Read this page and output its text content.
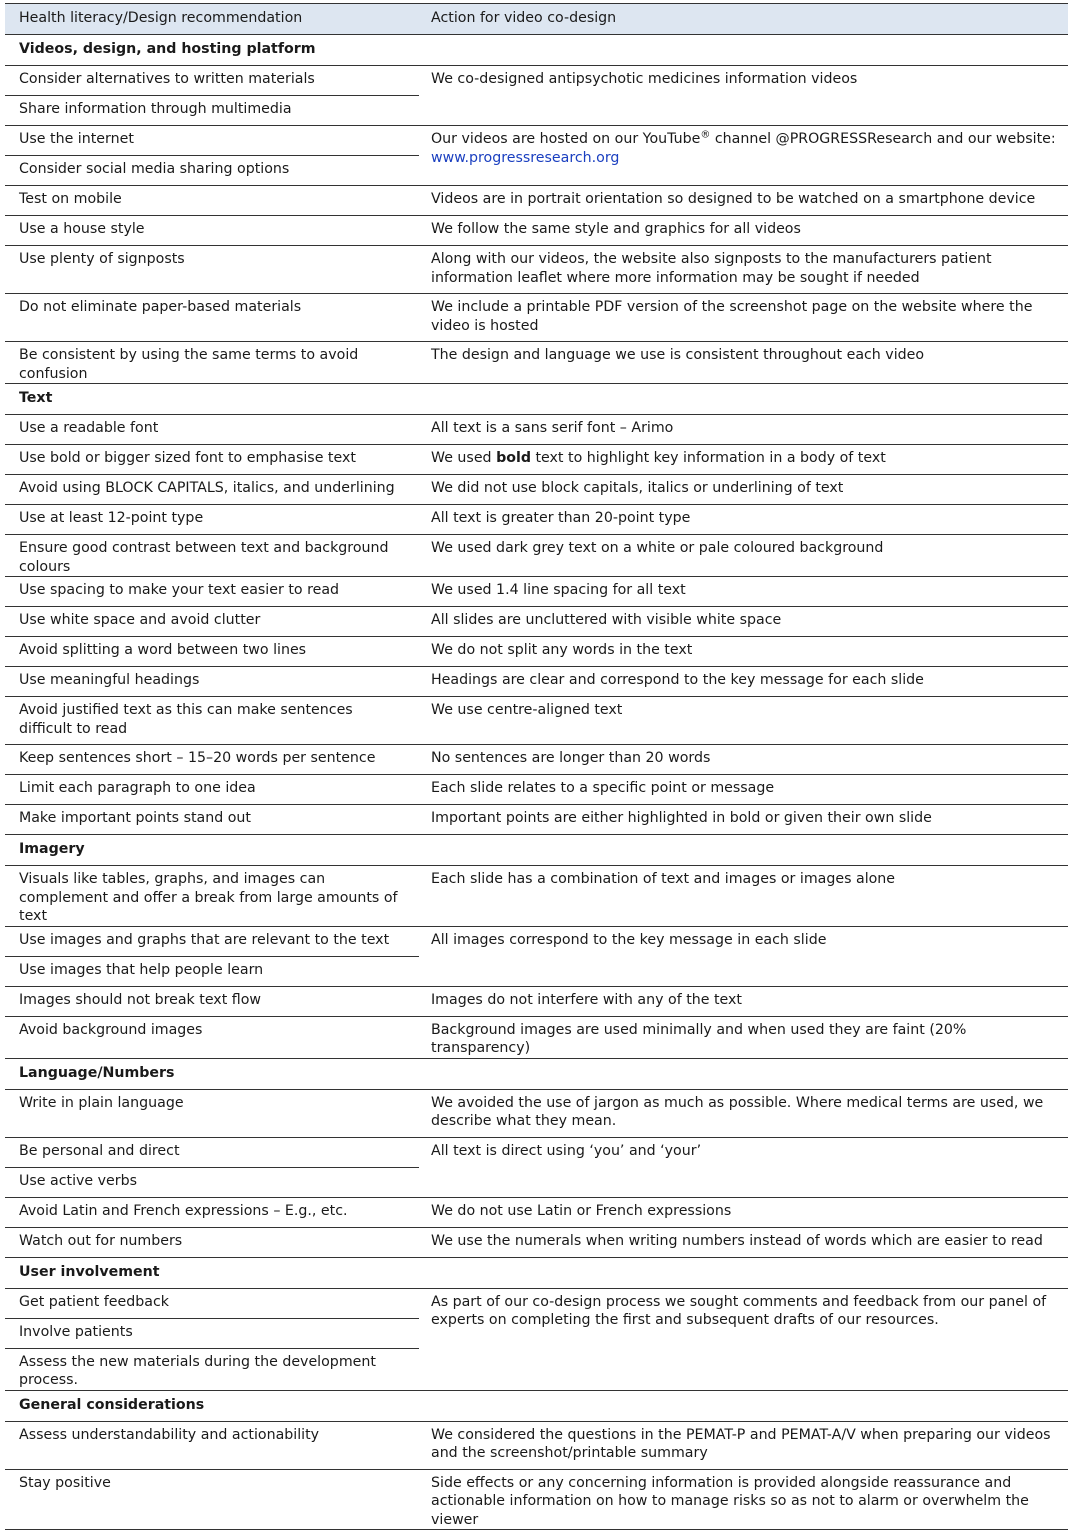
Health literacy/Design recommendation	Action for video co-design
Videos, design, and hosting platform	
Consider alternatives to written materials	We co-designed antipsychotic medicines information videos
Share information through multimedia	
Use the internet	Our videos are hosted on our YouTube® channel @PROGRESSResearch and our website:
www.progressresearch.org
Consider social media sharing options	
Test on mobile	Videos are in portrait orientation so designed to be watched on a smartphone device
Use a house style	We follow the same style and graphics for all videos
Use plenty of signposts	Along with our videos, the website also signposts to the manufacturers patient information leaflet where more information may be sought if needed
Do not eliminate paper-based materials	We include a printable PDF version of the screenshot page on the website where the video is hosted
Be consistent by using the same terms to avoid confusion	The design and language we use is consistent throughout each video
Text	
Use a readable font	All text is a sans serif font – Arimo
Use bold or bigger sized font to emphasise text	We used bold text to highlight key information in a body of text
Avoid using BLOCK CAPITALS, italics, and underlining	We did not use block capitals, italics or underlining of text
Use at least 12-point type	All text is greater than 20-point type
Ensure good contrast between text and background colours	We used dark grey text on a white or pale coloured background
Use spacing to make your text easier to read	We used 1.4 line spacing for all text
Use white space and avoid clutter	All slides are uncluttered with visible white space
Avoid splitting a word between two lines	We do not split any words in the text
Use meaningful headings	Headings are clear and correspond to the key message for each slide
Avoid justified text as this can make sentences difficult to read	We use centre-aligned text
Keep sentences short – 15–20 words per sentence	No sentences are longer than 20 words
Limit each paragraph to one idea	Each slide relates to a specific point or message
Make important points stand out	Important points are either highlighted in bold or given their own slide
Imagery	
Visuals like tables, graphs, and images can complement and offer a break from large amounts of text	Each slide has a combination of text and images or images alone
Use images and graphs that are relevant to the text	All images correspond to the key message in each slide
Use images that help people learn	
Images should not break text flow	Images do not interfere with any of the text
Avoid background images	Background images are used minimally and when used they are faint (20% transparency)
Language/Numbers	
Write in plain language	We avoided the use of jargon as much as possible. Where medical terms are used, we describe what they mean.
Be personal and direct	All text is direct using ‘you’ and ‘your’
Use active verbs	
Avoid Latin and French expressions – E.g., etc.	We do not use Latin or French expressions
Watch out for numbers	We use the numerals when writing numbers instead of words which are easier to read
User involvement	
Get patient feedback	As part of our co-design process we sought comments and feedback from our panel of experts on completing the first and subsequent drafts of our resources.
Involve patients	
Assess the new materials during the development process.	
General considerations	
Assess understandability and actionability	We considered the questions in the PEMAT-P and PEMAT-A/V when preparing our videos and the screenshot/printable summary
Stay positive	Side effects or any concerning information is provided alongside reassurance and actionable information on how to manage risks so as not to alarm or overwhelm the viewer
